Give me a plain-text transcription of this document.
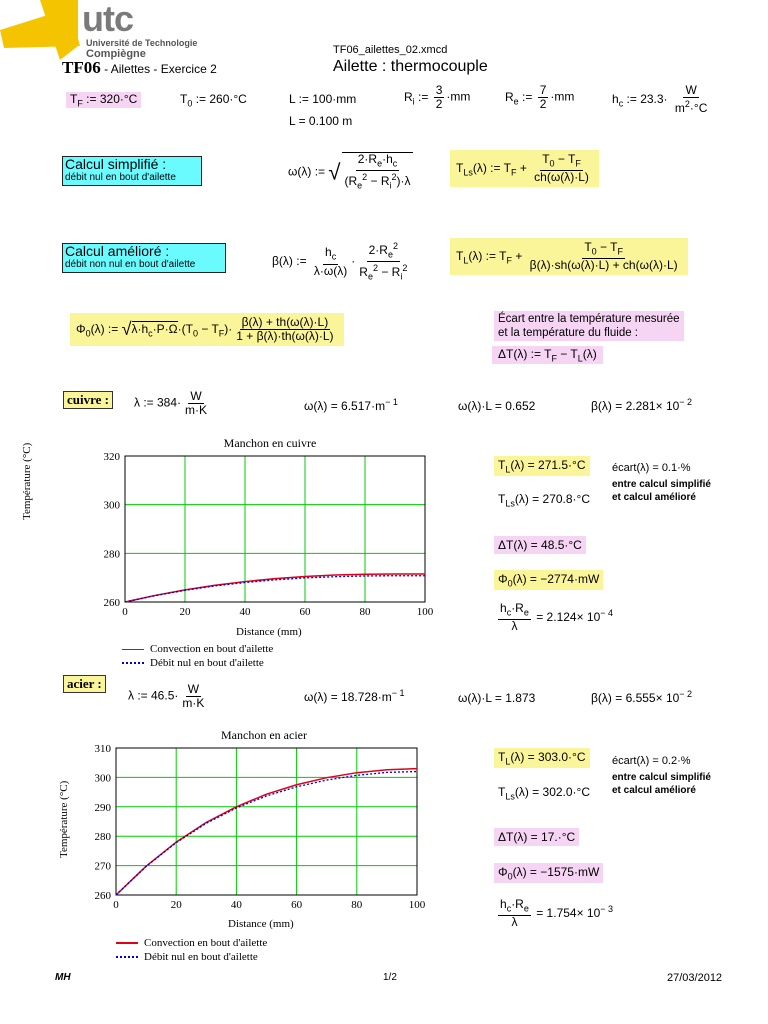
utc
Université de Technologie
Compiègne
TF06 - Ailettes - Exercice 2
TF06_ailettes_02.xmcd
Ailette : thermocouple
$T_F$ := 320·°C	$T_0$ := 260·°C	L := 100·mm
L = 0.100 m
$R_i$ := $\frac{3}{2} \cdot mm$	$R_e$ := $\frac{7}{2} \cdot mm$	$h_c$ := $23.3\cdot \frac{W}{m^2\cdot^\circ C}$
Calcul simplifié :
débit nul en bout d'ailette	ω(λ) := √ $\frac{2\cdot R_e\cdot h_c}{(R_e^2 - R_i^2)\cdot\lambda}$	$T_{Ls}(\lambda)$ := $T_F + \frac{T_0 - T_F}{ch(\omega(\lambda)\cdot L)}$
Calcul amélioré :
débit non nul en bout d'ailette	β(λ) := $\frac{h_c}{\lambda\cdot\omega(\lambda)} \cdot \frac{2\cdot R_e^2}{R_e^2 - R_i^2}$	$T_L(\lambda)$ := $T_F + \frac{T_0 - T_F}{\beta(\lambda)\cdot sh(\omega(\lambda)\cdot L) + ch(\omega(\lambda)\cdot L)}$
$\Phi_0(\lambda)$ := $√\lambda\cdot h_c\cdot P\cdot\Omega\cdot(T_0 - T_F)\cdot \frac{\beta(\lambda) + th(\omega(\lambda)\cdot L)}{1 + \beta(\lambda)\cdot th(\omega(\lambda)\cdot L)}$	Écart entre la température mesurée
et la température du fluide :
ΔT(λ) := $T_F - T_L(\lambda)$
cuivre :	λ := $384\cdot \frac{W}{m\cdot K}$	$\omega(\lambda) = 6.517\cdot m^{- 1}$	ω(λ)·L = 0.652	$\beta(\lambda) = 2.281\times 10^{- 2}$
Manchon en cuivre
0	20	40	60	80	100
260
280
300
320
Distance (mm)
Température (°C)
Convection en bout d'ailette
Débit nul en bout d'ailette
$T_L(\lambda) = 271.5\cdot^\circ C$
$T_{Ls}(\lambda) = 270.8\cdot^\circ C$
écart(λ) = 0.1·%
entre calcul simplifié
et calcul amélioré
ΔT(λ) = 48.5·°C
$\Phi_0(\lambda) = -2774\cdot mW$
$\frac{h_c\cdot R_e}{\lambda} = 2.124\times 10^{- 4}$
acier :
λ := $46.5\cdot \frac{W}{m\cdot K}$	$\omega(\lambda) = 18.728\cdot m^{- 1}$	ω(λ)·L = 1.873	$\beta(\lambda) = 6.555\times 10^{- 2}$
Manchon en acier
0	20	40	60	80	100
260
270
280
290
300
310
Distance (mm)
Température (°C)
Convection en bout d'ailette
Débit nul en bout d'ailette
$T_L(\lambda) = 303.0\cdot^\circ C$
$T_{Ls}(\lambda) = 302.0\cdot^\circ C$
écart(λ) = 0.2·%
entre calcul simplifié
et calcul amélioré
ΔT(λ) = 17.·°C
$\Phi_0(\lambda) = -1575\cdot mW$
$\frac{h_c\cdot R_e}{\lambda} = 1.754\times 10^{- 3}$
MH	1/2	27/03/2012
